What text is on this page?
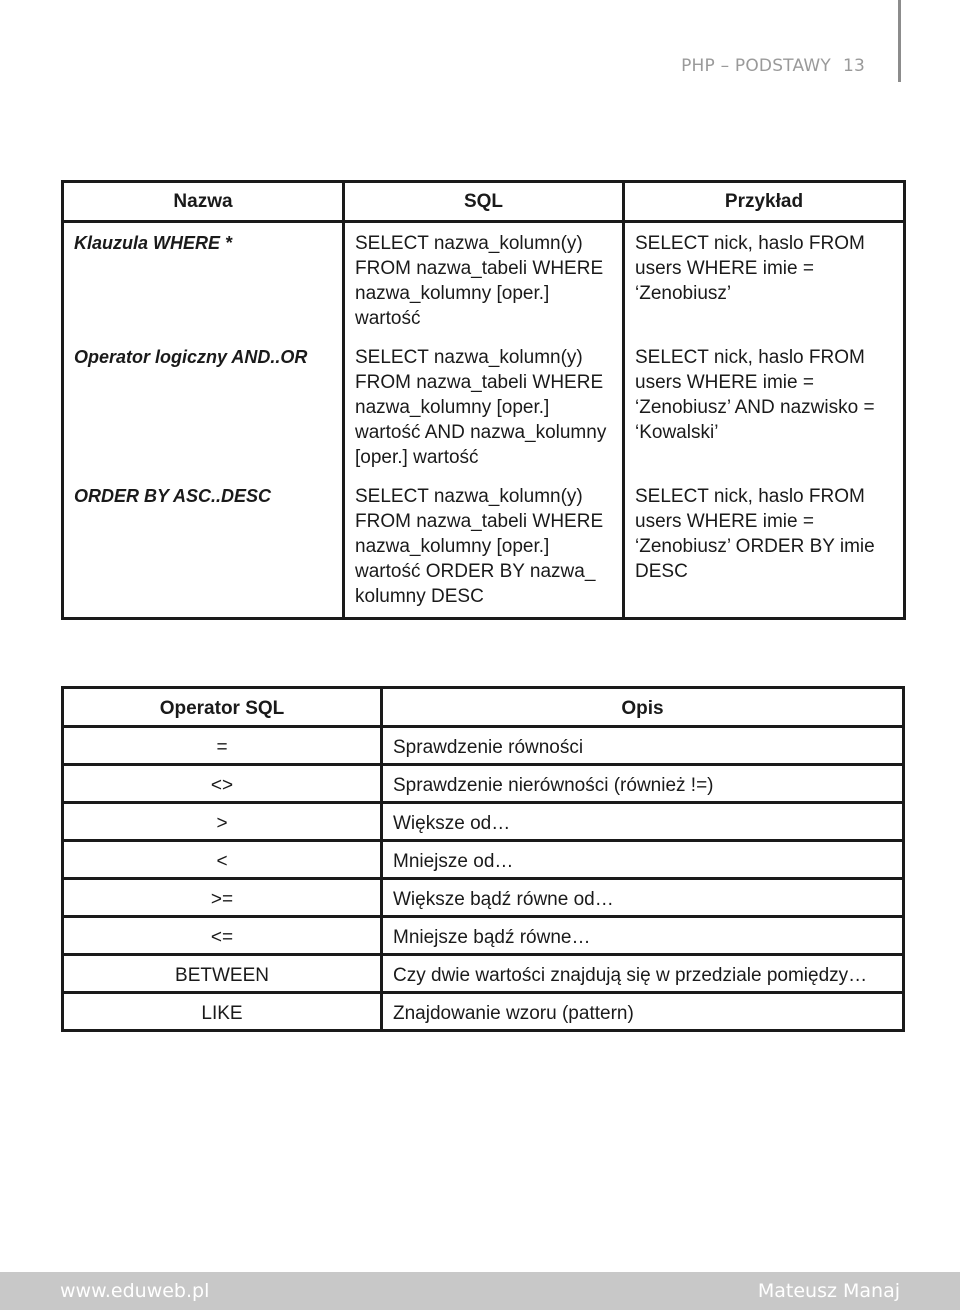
PHP – PODSTAWY 13
Nazwa	SQL	Przykład
Klauzula WHERE *	SELECT nazwa_kolumn(y) FROM nazwa_tabeli WHERE nazwa_kolumny [oper.] wartość	SELECT nick, haslo FROM users WHERE imie = ‘Zenobiusz’
Operator logiczny AND..OR	SELECT nazwa_kolumn(y) FROM nazwa_tabeli WHERE nazwa_kolumny [oper.] wartość AND nazwa_kolumny [oper.] wartość	SELECT nick, haslo FROM users WHERE imie = ‘Zenobiusz’ AND nazwisko = ‘Kowalski’
ORDER BY ASC..DESC	SELECT nazwa_kolumn(y) FROM nazwa_tabeli WHERE nazwa_kolumny [oper.] wartość ORDER BY nazwa_ kolumny DESC	SELECT nick, haslo FROM users WHERE imie = ‘Zenobiusz’ ORDER BY imie DESC
Operator SQL	Opis
=	Sprawdzenie równości
<>	Sprawdzenie nierówności (również !=)
>	Większe od…
<	Mniejsze od…
>=	Większe bądź równe od…
<=	Mniejsze bądź równe…
BETWEEN	Czy dwie wartości znajdują się w przedziale pomiędzy…
LIKE	Znajdowanie wzoru (pattern)
www.eduweb.pl	Mateusz Manaj
